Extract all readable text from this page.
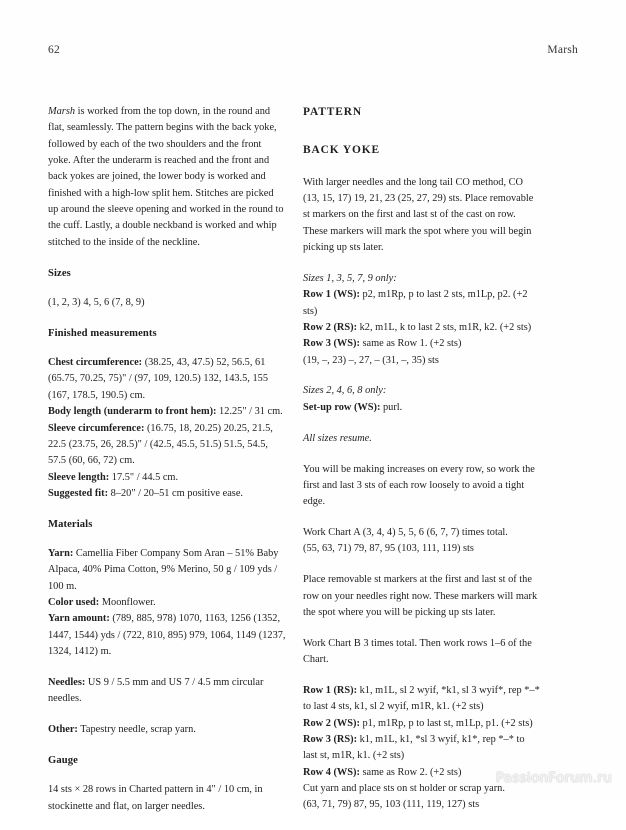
62	Marsh

Marsh is worked from the top down, in the round and flat, seamlessly. The pattern begins with the back yoke, followed by each of the two shoulders and the front yoke. After the underarm is reached and the front and back yokes are joined, the lower body is worked and finished with a high-low split hem. Stitches are picked up around the sleeve opening and worked in the round to the cuff. Lastly, a double neckband is worked and whip stitched to the inside of the neckline.

Sizes

(1, 2, 3) 4, 5, 6 (7, 8, 9)

Finished measurements

Chest circumference: (38.25, 43, 47.5) 52, 56.5, 61 (65.75, 70.25, 75)" / (97, 109, 120.5) 132, 143.5, 155 (167, 178.5, 190.5) cm.

Body length (underarm to front hem): 12.25" / 31 cm.

Sleeve circumference: (16.75, 18, 20.25) 20.25, 21.5, 22.5 (23.75, 26, 28.5)" / (42.5, 45.5, 51.5) 51.5, 54.5, 57.5 (60, 66, 72) cm.

Sleeve length: 17.5" / 44.5 cm.

Suggested fit: 8–20" / 20–51 cm positive ease.

Materials

Yarn: Camellia Fiber Company Som Aran – 51% Baby Alpaca, 40% Pima Cotton, 9% Merino, 50 g / 109 yds / 100 m.

Color used: Moonflower.

Yarn amount: (789, 885, 978) 1070, 1163, 1256 (1352, 1447, 1544) yds / (722, 810, 895) 979, 1064, 1149 (1237, 1324, 1412) m.

Needles: US 9 / 5.5 mm and US 7 / 4.5 mm circular needles.

Other: Tapestry needle, scrap yarn.

Gauge

14 sts × 28 rows in Charted pattern in 4" / 10 cm, in stockinette and flat, on larger needles.

PATTERN
BACK YOKE

With larger needles and the long tail CO method, CO (13, 15, 17) 19, 21, 23 (25, 27, 29) sts. Place removable st markers on the first and last st of the cast on row. These markers will mark the spot where you will begin picking up sts later.

Sizes 1, 3, 5, 7, 9 only:

Row 1 (WS): p2, m1Rp, p to last 2 sts, m1Lp, p2. (+2 sts)

Row 2 (RS): k2, m1L, k to last 2 sts, m1R, k2. (+2 sts)

Row 3 (WS): same as Row 1. (+2 sts)

(19, –, 23) –, 27, – (31, –, 35) sts

Sizes 2, 4, 6, 8 only:

Set-up row (WS): purl.

All sizes resume.

You will be making increases on every row, so work the first and last 3 sts of each row loosely to avoid a tight edge.

Work Chart A (3, 4, 4) 5, 5, 6 (6, 7, 7) times total.

(55, 63, 71) 79, 87, 95 (103, 111, 119) sts

Place removable st markers at the first and last st of the row on your needles right now. These markers will mark the spot where you will be picking up sts later.

Work Chart B 3 times total. Then work rows 1–6 of the Chart.

Row 1 (RS): k1, m1L, sl 2 wyif, *k1, sl 3 wyif*, rep *–* to last 4 sts, k1, sl 2 wyif, m1R, k1. (+2 sts)

Row 2 (WS): p1, m1Rp, p to last st, m1Lp, p1. (+2 sts)

Row 3 (RS): k1, m1L, k1, *sl 3 wyif, k1*, rep *–* to last st, m1R, k1. (+2 sts)

Row 4 (WS): same as Row 2. (+2 sts)

Cut yarn and place sts on st holder or scrap yarn.

(63, 71, 79) 87, 95, 103 (111, 119, 127) sts

PassionForum.ru
